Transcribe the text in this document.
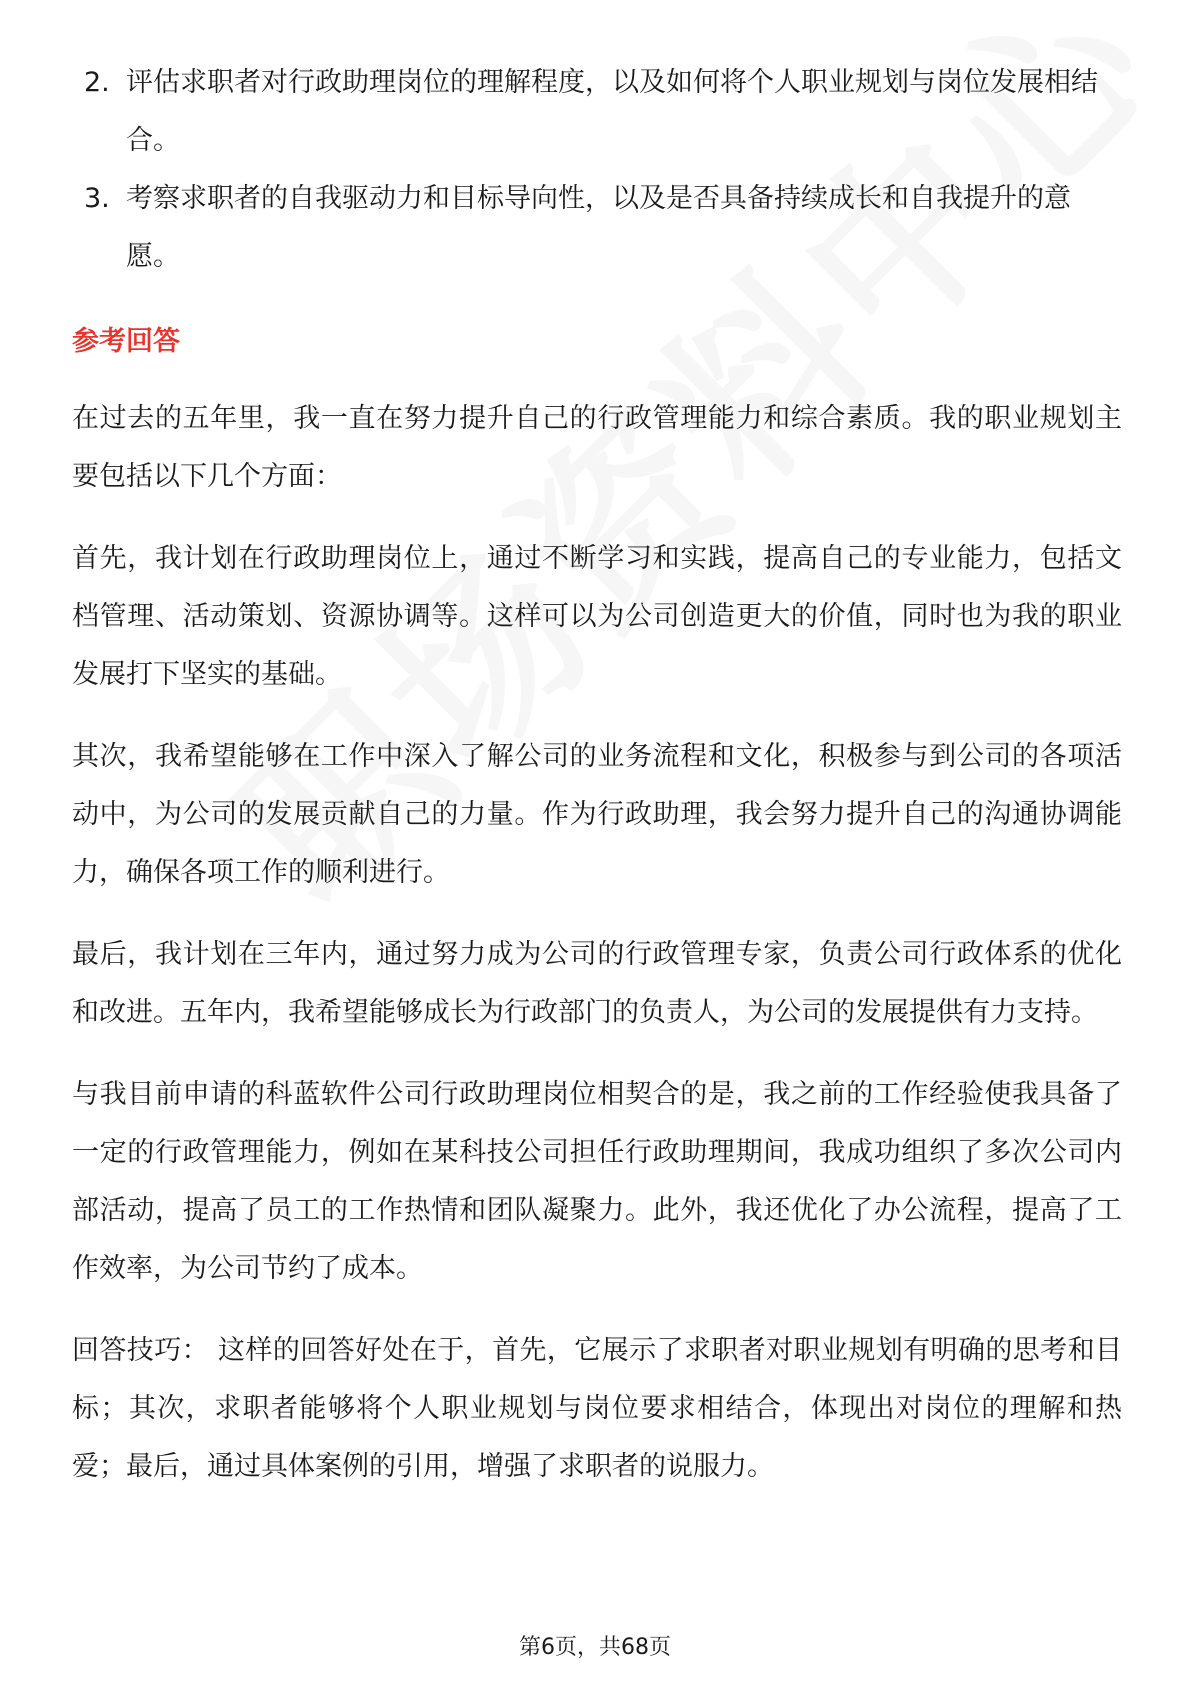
2. 评估求职者对行政助理岗位的理解程度，以及如何将个人职业规划与岗位发展相结合。
3. 考察求职者的自我驱动力和目标导向性，以及是否具备持续成长和自我提升的意愿。
参考回答

在过去的五年里，我一直在努力提升自己的行政管理能力和综合素质。我的职业规划主要包括以下几个方面：

首先，我计划在行政助理岗位上，通过不断学习和实践，提高自己的专业能力，包括文档管理、活动策划、资源协调等。这样可以为公司创造更大的价值，同时也为我的职业发展打下坚实的基础。

其次，我希望能够在工作中深入了解公司的业务流程和文化，积极参与到公司的各项活动中，为公司的发展贡献自己的力量。作为行政助理，我会努力提升自己的沟通协调能力，确保各项工作的顺利进行。

最后，我计划在三年内，通过努力成为公司的行政管理专家，负责公司行政体系的优化和改进。五年内，我希望能够成长为行政部门的负责人，为公司的发展提供有力支持。

与我目前申请的科蓝软件公司行政助理岗位相契合的是，我之前的工作经验使我具备了一定的行政管理能力，例如在某科技公司担任行政助理期间，我成功组织了多次公司内部活动，提高了员工的工作热情和团队凝聚力。此外，我还优化了办公流程，提高了工作效率，为公司节约了成本。

回答技巧： 这样的回答好处在于，首先，它展示了求职者对职业规划有明确的思考和目标；其次，求职者能够将个人职业规划与岗位要求相结合，体现出对岗位的理解和热爱；最后，通过具体案例的引用，增强了求职者的说服力。

第6页，共68页
